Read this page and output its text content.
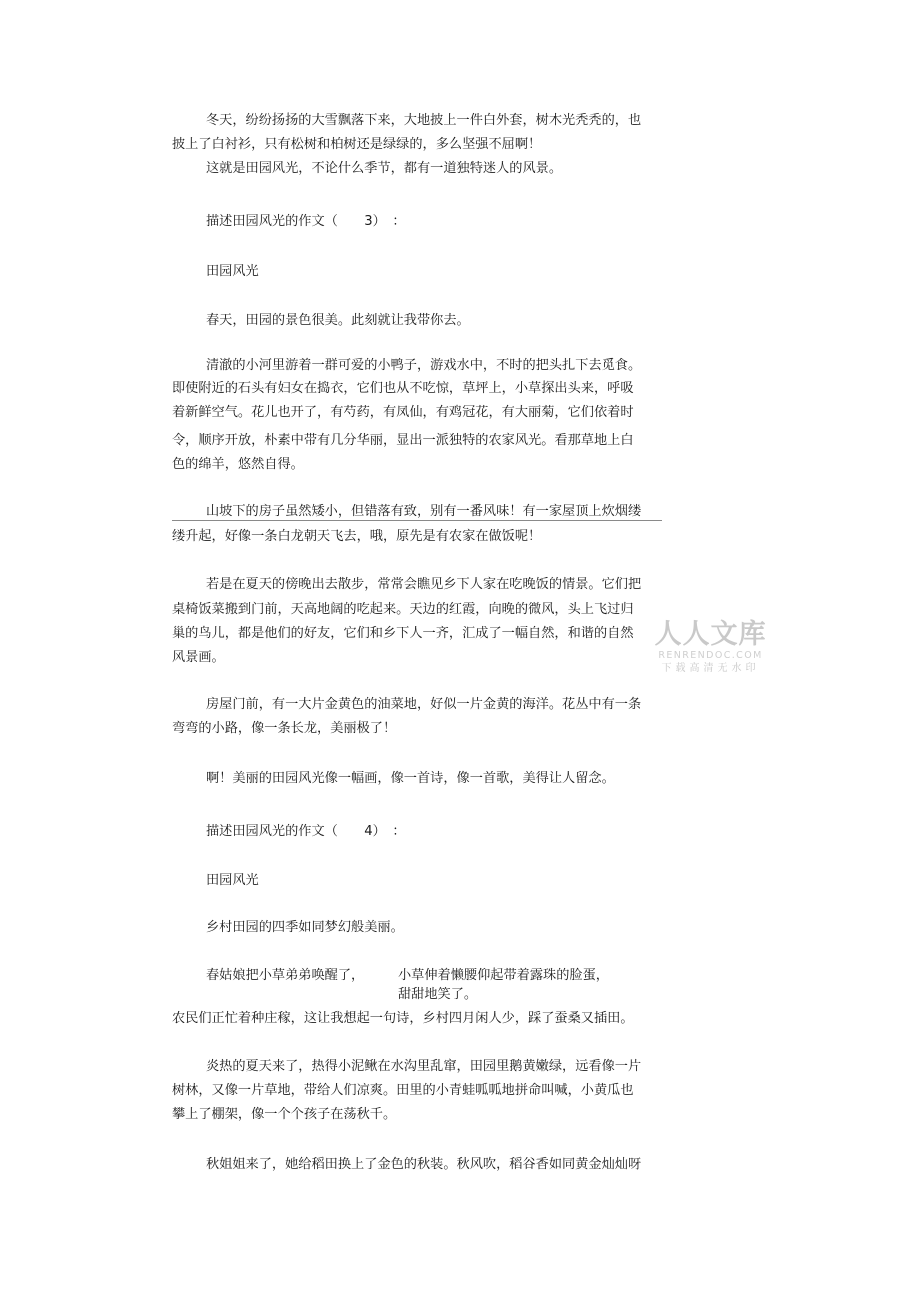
冬天，纷纷扬扬的大雪飘落下来，大地披上一件白外套，树木光秃秃的，也

披上了白衬衫，只有松树和柏树还是绿绿的，多么坚强不屈啊！

这就是田园风光，不论什么季节，都有一道独特迷人的风景。

描述田园风光的作文（　　3）　：

田园风光

春天，田园的景色很美。此刻就让我带你去。

清澈的小河里游着一群可爱的小鸭子，游戏水中，不时的把头扎下去觅食。

即使附近的石头有妇女在捣衣，它们也从不吃惊，草坪上，小草探出头来，呼吸

着新鲜空气。花儿也开了，有芍药，有凤仙，有鸡冠花，有大丽菊，它们依着时

令，顺序开放，朴素中带有几分华丽，显出一派独特的农家风光。看那草地上白

色的绵羊，悠然自得。

山坡下的房子虽然矮小，但错落有致，别有一番风味！有一家屋顶上炊烟缕

缕升起，好像一条白龙朝天飞去，哦，原先是有农家在做饭呢！

若是在夏天的傍晚出去散步，常常会瞧见乡下人家在吃晚饭的情景。它们把

桌椅饭菜搬到门前，天高地阔的吃起来。天边的红霞，向晚的微风，头上飞过归

巢的鸟儿，都是他们的好友，它们和乡下人一齐，汇成了一幅自然，和谐的自然

风景画。

房屋门前，有一大片金黄色的油菜地，好似一片金黄的海洋。花丛中有一条

弯弯的小路，像一条长龙，美丽极了！

啊！美丽的田园风光像一幅画，像一首诗，像一首歌，美得让人留念。

描述田园风光的作文（　　4）　：

田园风光

乡村田园的四季如同梦幻般美丽。

春姑娘把小草弟弟唤醒了，	小草伸着懒腰仰起带着露珠的脸蛋，

甜甜地笑了。

农民们正忙着种庄稼，这让我想起一句诗，乡村四月闲人少，踩了蚕桑又插田。

炎热的夏天来了，热得小泥鳅在水沟里乱窜，田园里鹅黄嫩绿，远看像一片

树林，又像一片草地，带给人们凉爽。田里的小青蛙呱呱地拼命叫喊，小黄瓜也

攀上了棚架，像一个个孩子在荡秋千。

秋姐姐来了，她给稻田换上了金色的秋装。秋风吹，稻谷香如同黄金灿灿呀

人人文库
RENRENDOC.COM
下载高清无水印
